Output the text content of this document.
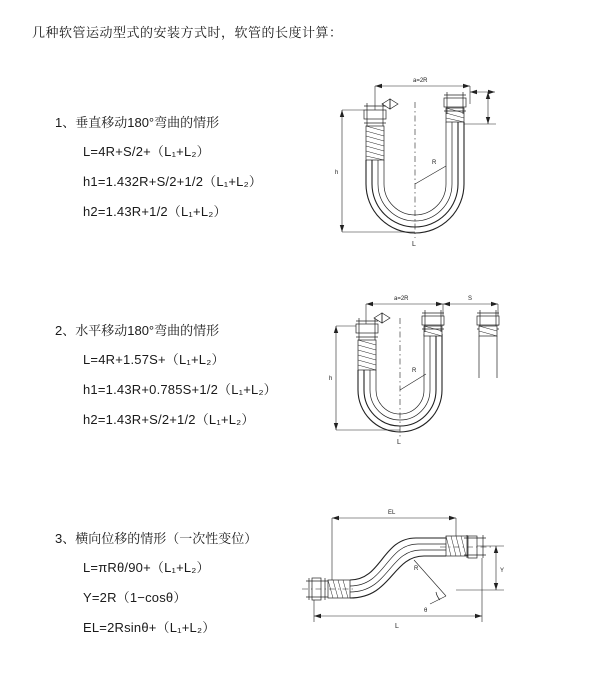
几种软管运动型式的安装方式时，软管的长度计算：
1、垂直移动180°弯曲的情形
L=4R+S/2+（L₁+L₂）
h1=1.432R+S/2+1/2（L₁+L₂）
h2=1.43R+1/2（L₁+L₂）
a=2R
h
R
L
2、水平移动180°弯曲的情形
L=4R+1.57S+（L₁+L₂）
h1=1.43R+0.785S+1/2（L₁+L₂）
h2=1.43R+S/2+1/2（L₁+L₂）
a=2R	S
h
R
L
3、横向位移的情形（一次性变位）
L=πRθ/90+（L₁+L₂）
Y=2R（1−cosθ）
EL=2Rsinθ+（L₁+L₂）
EL
Y
θ
R
L
